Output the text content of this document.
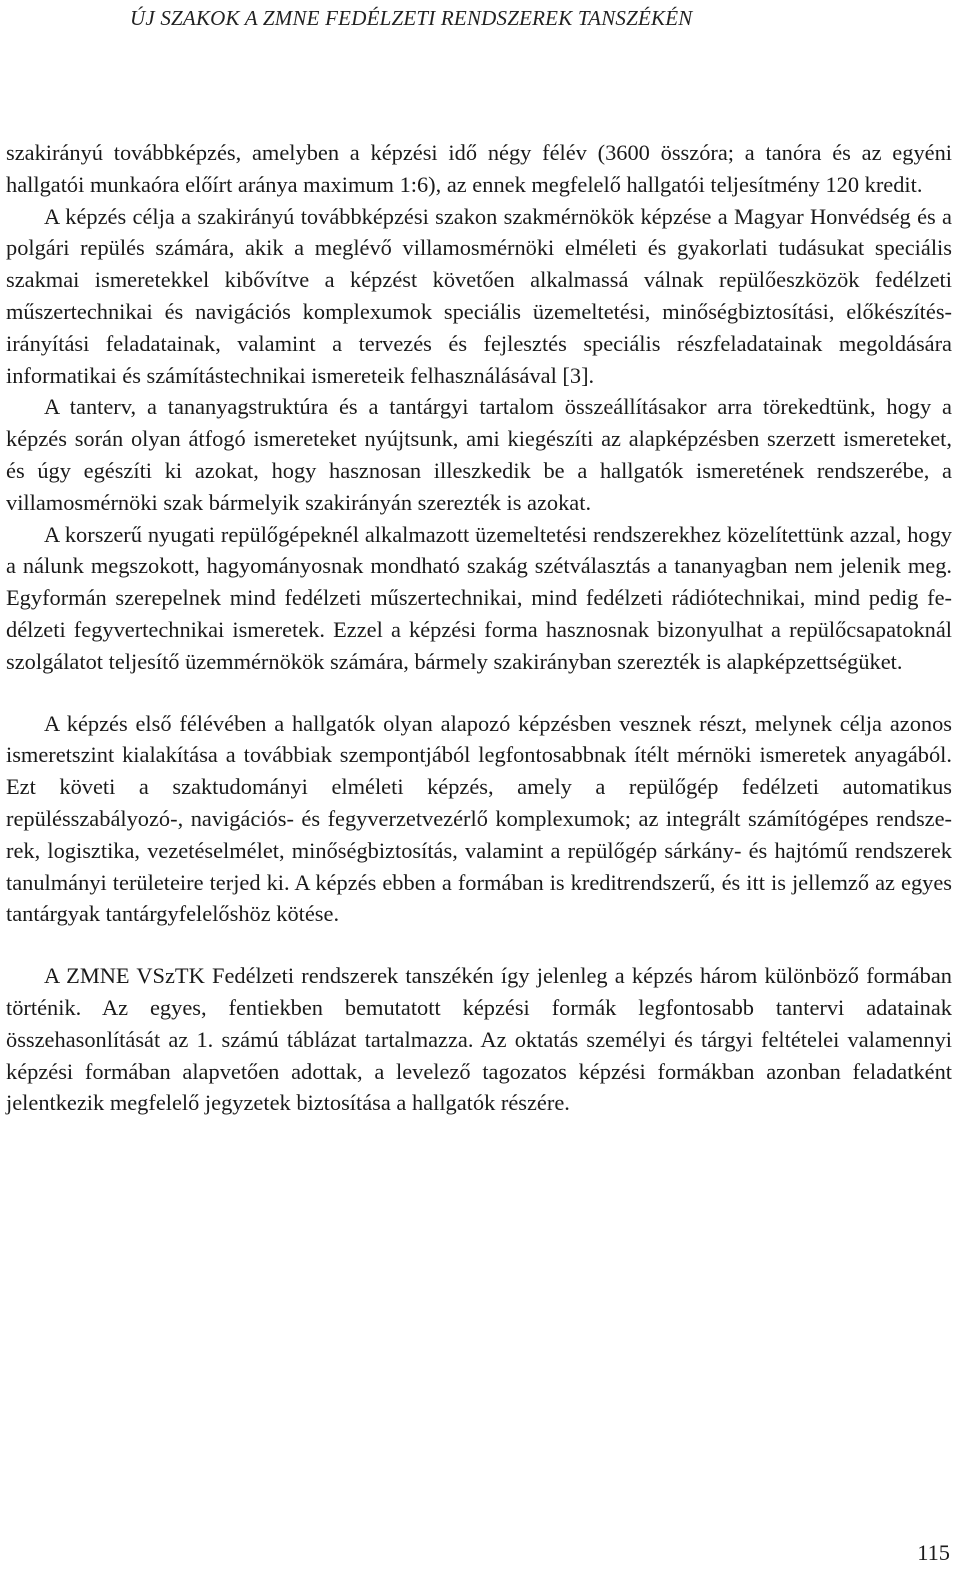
ÚJ SZAKOK A ZMNE FEDÉLZETI RENDSZEREK TANSZÉKÉN

szakirányú továbbképzés, amelyben a képzési idő négy félév (3600 összóra; a tanóra és az egyéni hallgatói munkaóra előírt aránya maximum 1:6), az ennek megfelelő hallgatói teljesítmény 120 kredit.

A képzés célja a szakirányú továbbképzési szakon szakmérnökök képzése a Magyar Honvédség és a polgári repülés számára, akik a meglévő villamosmérnöki elméleti és gyakorlati tudásukat speciális szakmai ismeretekkel kibővítve a képzést követően alkalmassá válnak repülőeszközök fedélzeti műszertechnikai és navigációs komplexumok speciális üzemeltetési, minőségbiztosítási, előkészítés-irányítási feladatainak, valamint a tervezés és fejlesztés speciális részfeladatainak megoldására informatikai és számítástechnikai ismereteik felhasználásával [3].

A tanterv, a tananyagstruktúra és a tantárgyi tartalom összeállításakor arra törekedtünk, hogy a képzés során olyan átfogó ismereteket nyújtsunk, ami kiegészíti az alapképzésben szerzett ismereteket, és úgy egészíti ki azokat, hogy hasznosan illeszkedik be a hallgatók ismeretének rendszerébe, a villamosmérnöki szak bármelyik szakirányán szerezték is azokat.

A korszerű nyugati repülőgépeknél alkalmazott üzemeltetési rendszerekhez közelítettünk azzal, hogy a nálunk megszokott, hagyományosnak mondható szakág szétválasztás a tananyagban nem jelenik meg. Egyformán szerepelnek mind fedélzeti műszertechnikai, mind fedélzeti rádiótechnikai, mind pedig fedélzeti fegyvertechnikai ismeretek. Ezzel a képzési forma hasznosnak bizonyulhat a repülőcsapatoknál szolgálatot teljesítő üzemmérnökök számára, bármely szakirányban szerezték is alapképzettségüket.

A képzés első félévében a hallgatók olyan alapozó képzésben vesznek részt, melynek célja azonos ismeretszint kialakítása a továbbiak szempontjából legfontosabbnak ítélt mérnöki ismeretek anyagából. Ezt követi a szaktudományi elméleti képzés, amely a repülőgép fedélzeti automatikus repülésszabályozó-, navigációs- és fegyverzetvezérlő komplexumok; az integrált számítógépes rendszerek, logisztika, vezetéselmélet, minőségbiztosítás, valamint a repülőgép sárkány- és hajtómű rendszerek tanulmányi területeire terjed ki. A képzés ebben a formában is kreditrendszerű, és itt is jellemző az egyes tantárgyak tantárgyfelelőshöz kötése.

A ZMNE VSzTK Fedélzeti rendszerek tanszékén így jelenleg a képzés három különböző formában történik. Az egyes, fentiekben bemutatott képzési formák legfontosabb tantervi adatainak összehasonlítását az 1. számú táblázat tartalmazza. Az oktatás személyi és tárgyi feltételei valamennyi képzési formában alapvetően adottak, a levelező tagozatos képzési formákban azonban feladatként jelentkezik megfelelő jegyzetek biztosítása a hallgatók részére.

115
